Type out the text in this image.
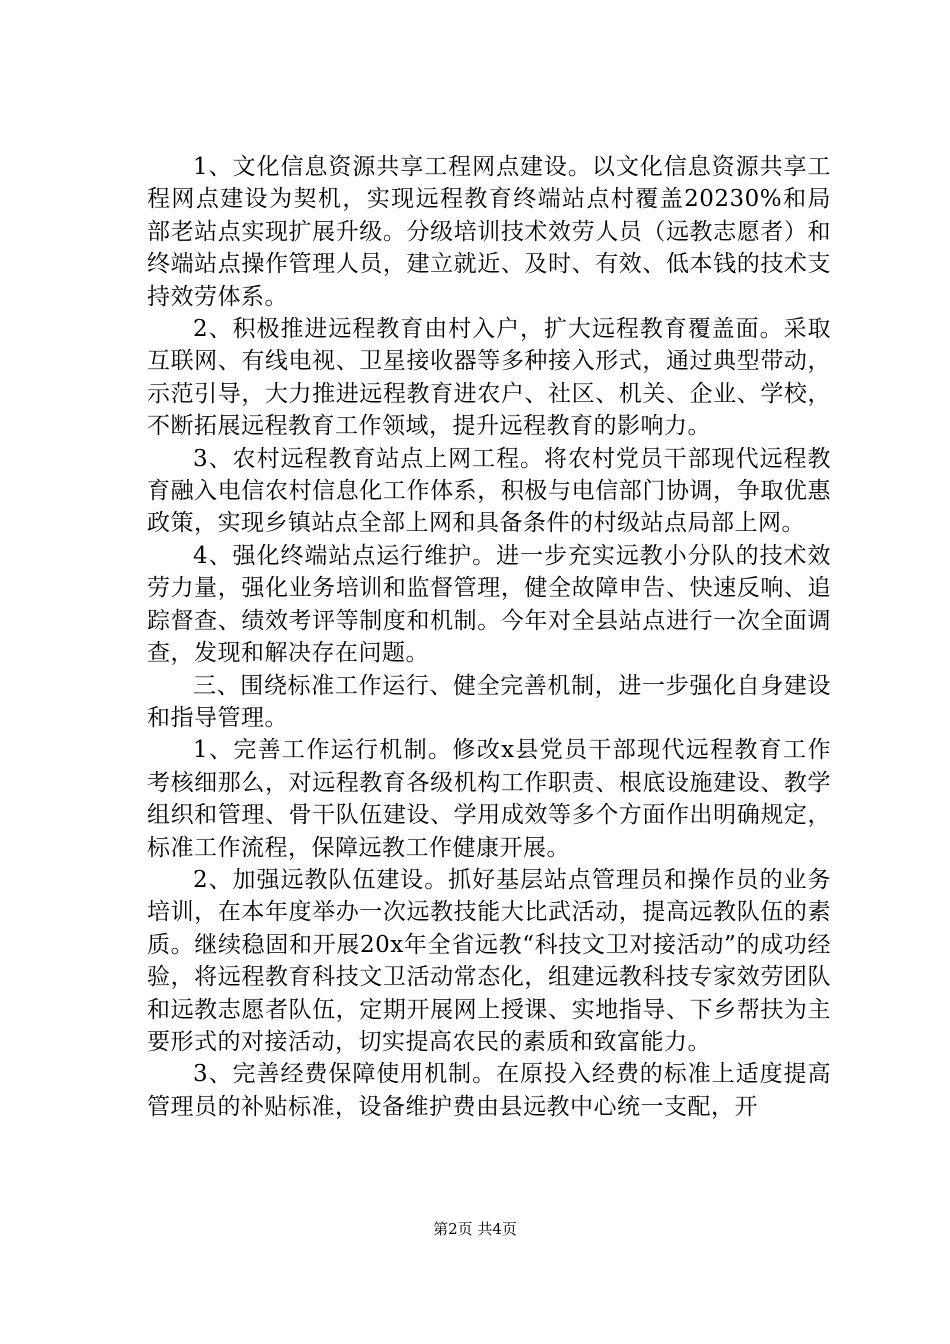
1、文化信息资源共享工程网点建设。以文化信息资源共享工程网点建设为契机，实现远程教育终端站点村覆盖20230%和局部老站点实现扩展升级。分级培训技术效劳人员（远教志愿者）和终端站点操作管理人员，建立就近、及时、有效、低本钱的技术支持效劳体系。

2、积极推进远程教育由村入户，扩大远程教育覆盖面。采取互联网、有线电视、卫星接收器等多种接入形式，通过典型带动，示范引导，大力推进远程教育进农户、社区、机关、企业、学校，不断拓展远程教育工作领域，提升远程教育的影响力。

3、农村远程教育站点上网工程。将农村党员干部现代远程教育融入电信农村信息化工作体系，积极与电信部门协调，争取优惠政策，实现乡镇站点全部上网和具备条件的村级站点局部上网。

4、强化终端站点运行维护。进一步充实远教小分队的技术效劳力量，强化业务培训和监督管理，健全故障申告、快速反响、追踪督查、绩效考评等制度和机制。今年对全县站点进行一次全面调查，发现和解决存在问题。

三、围绕标准工作运行、健全完善机制，进一步强化自身建设和指导管理。

1、完善工作运行机制。修改x县党员干部现代远程教育工作考核细那么，对远程教育各级机构工作职责、根底设施建设、教学组织和管理、骨干队伍建设、学用成效等多个方面作出明确规定，标准工作流程，保障远教工作健康开展。

2、加强远教队伍建设。抓好基层站点管理员和操作员的业务培训，在本年度举办一次远教技能大比武活动，提高远教队伍的素质。继续稳固和开展20x年全省远教“科技文卫对接活动”的成功经验，将远程教育科技文卫活动常态化，组建远教科技专家效劳团队和远教志愿者队伍，定期开展网上授课、实地指导、下乡帮扶为主要形式的对接活动，切实提高农民的素质和致富能力。

3、完善经费保障使用机制。在原投入经费的标准上适度提高管理员的补贴标准，设备维护费由县远教中心统一支配，开

第2页 共4页
